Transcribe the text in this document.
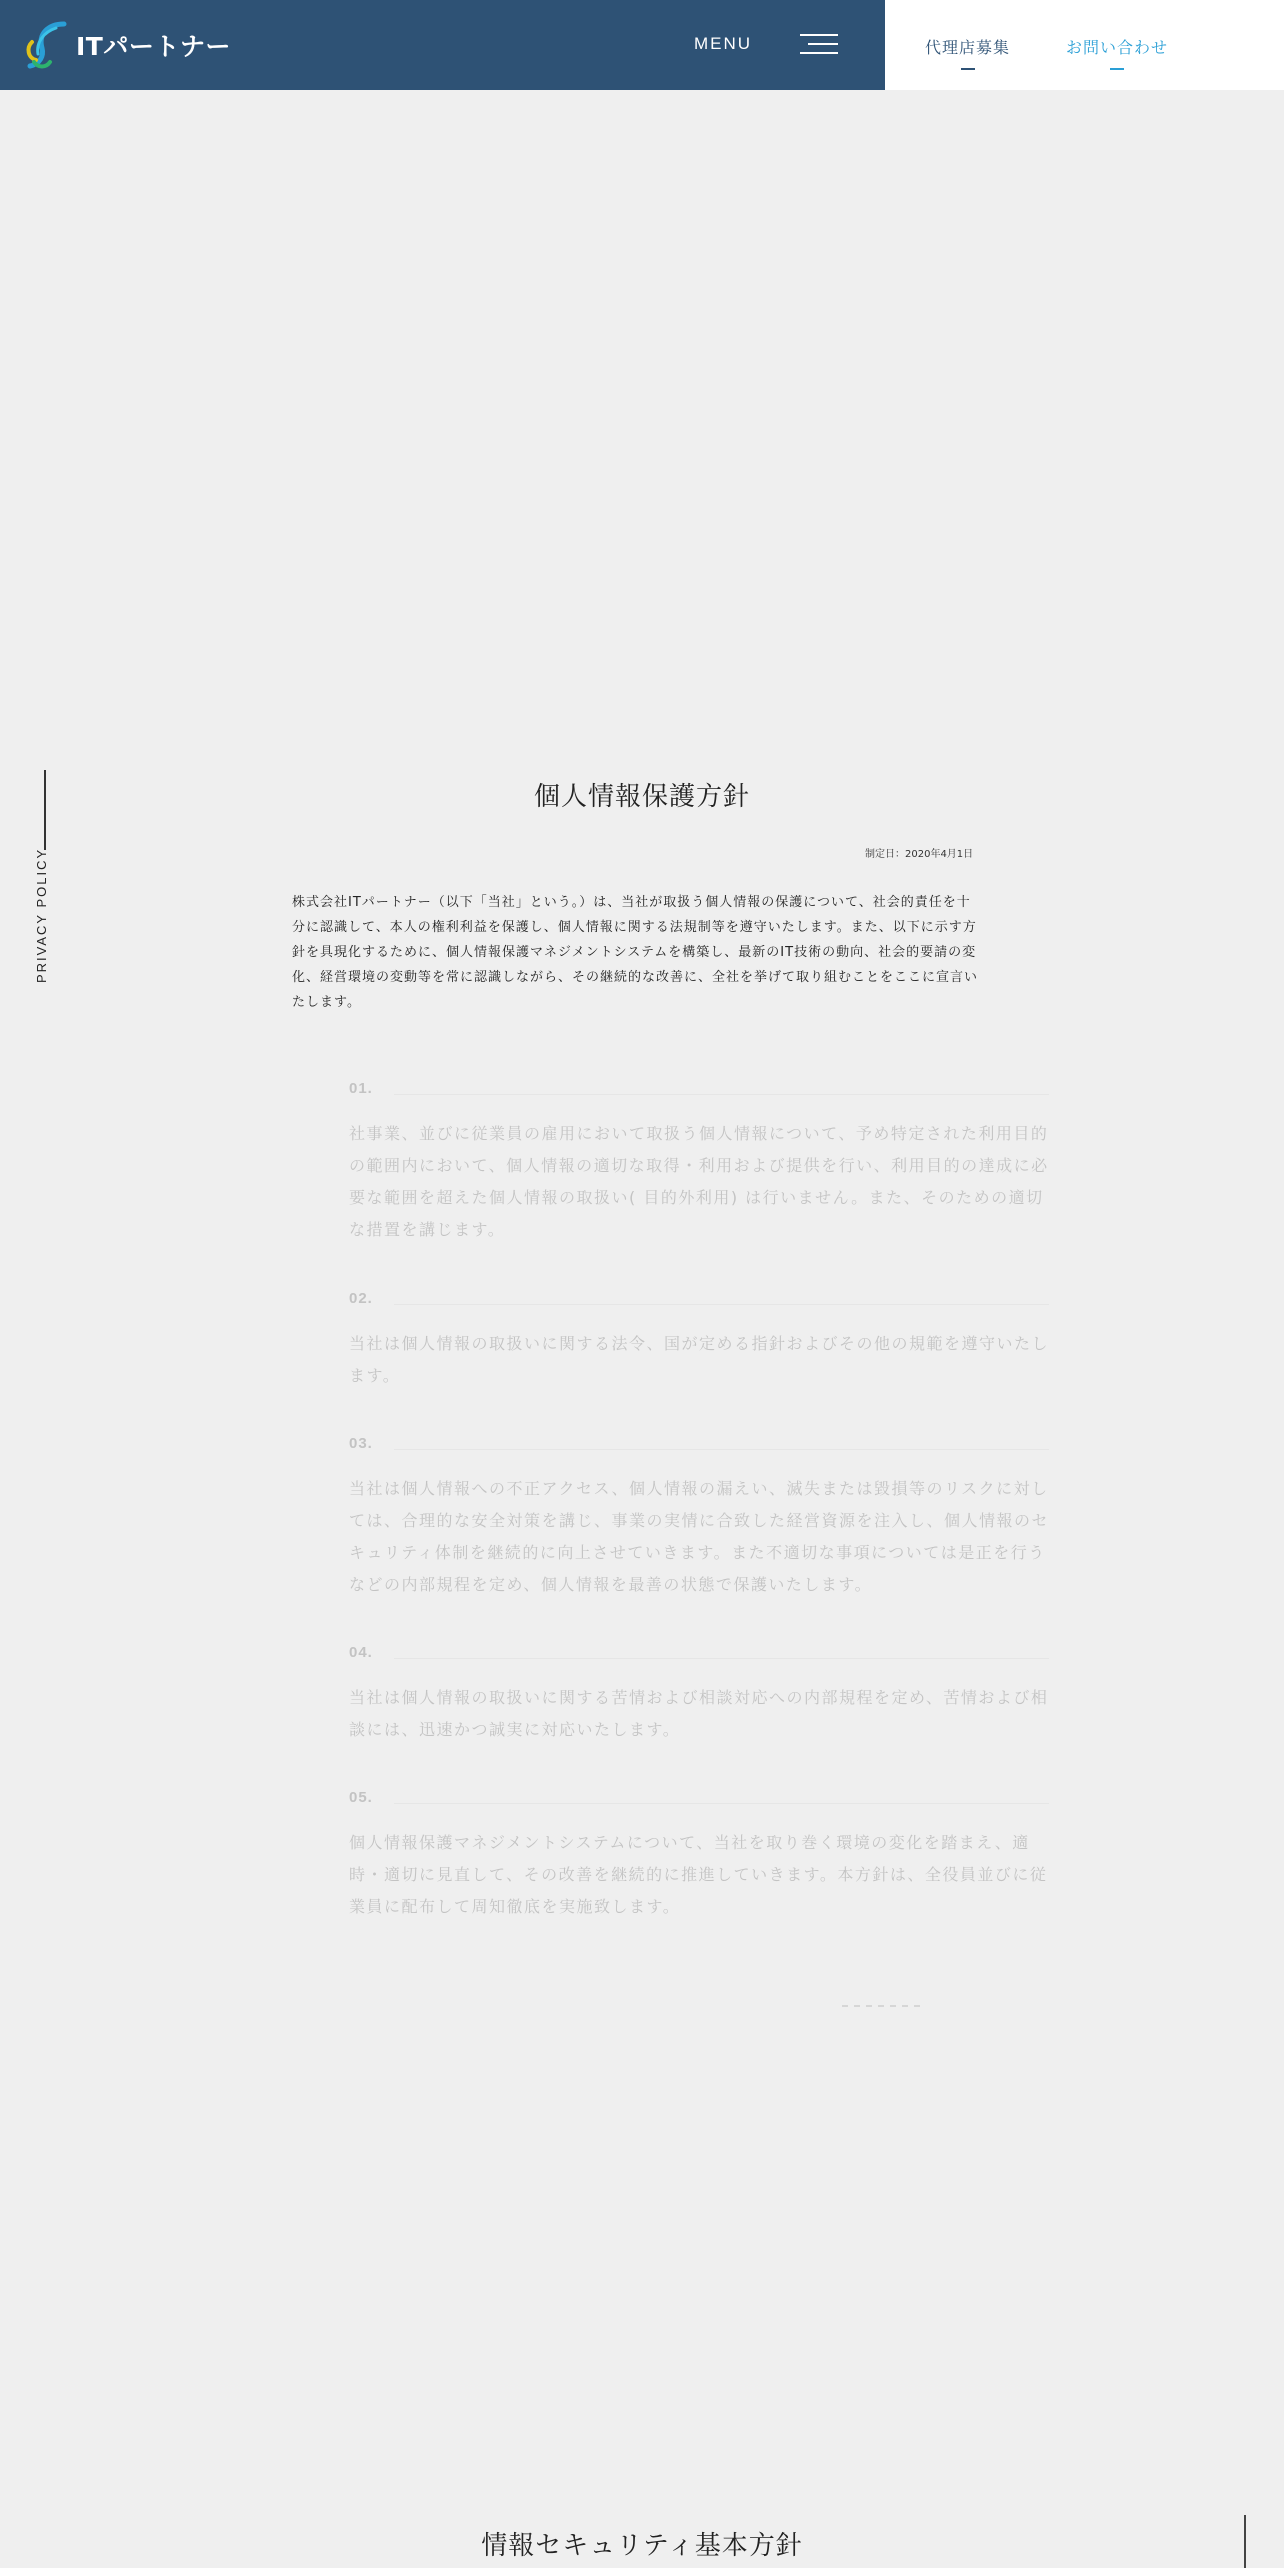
ITパートナー	MENU	代理店募集	お問い合わせ
PRIVACY POLICY
個人情報保護方針
制定日：2020年4月1日

株式会社ITパートナー（以下「当社」という。）は、当社が取扱う個人情報の保護について、社会的責任を十分に認識して、本人の権利利益を保護し、個人情報に関する法規制等を遵守いたします。また、以下に示す方針を具現化するために、個人情報保護マネジメントシステムを構築し、最新のIT技術の動向、社会的要請の変化、経営環境の変動等を常に認識しながら、その継続的な改善に、全社を挙げて取り組むことをここに宣言いたします。

01.

社事業、並びに従業員の雇用において取扱う個人情報について、予め特定された利用目的の範囲内において、個人情報の適切な取得・利用および提供を行い、利用目的の達成に必要な範囲を超えた個人情報の取扱い( 目的外利用) は行いません。また、そのための適切な措置を講じます。

02.

当社は個人情報の取扱いに関する法令、国が定める指針およびその他の規範を遵守いたします。

03.

当社は個人情報への不正アクセス、個人情報の漏えい、滅失または毀損等のリスクに対しては、合理的な安全対策を講じ、事業の実情に合致した経営資源を注入し、個人情報のセキュリティ体制を継続的に向上させていきます。また不適切な事項については是正を行うなどの内部規程を定め、個人情報を最善の状態で保護いたします。

04.

当社は個人情報の取扱いに関する苦情および相談対応への内部規程を定め、苦情および相談には、迅速かつ誠実に対応いたします。

05.

個人情報保護マネジメントシステムについて、当社を取り巻く環境の変化を踏まえ、適時・適切に見直して、その改善を継続的に推進していきます。本方針は、全役員並びに従業員に配布して周知徹底を実施致します。

情報セキュリティ基本方針
